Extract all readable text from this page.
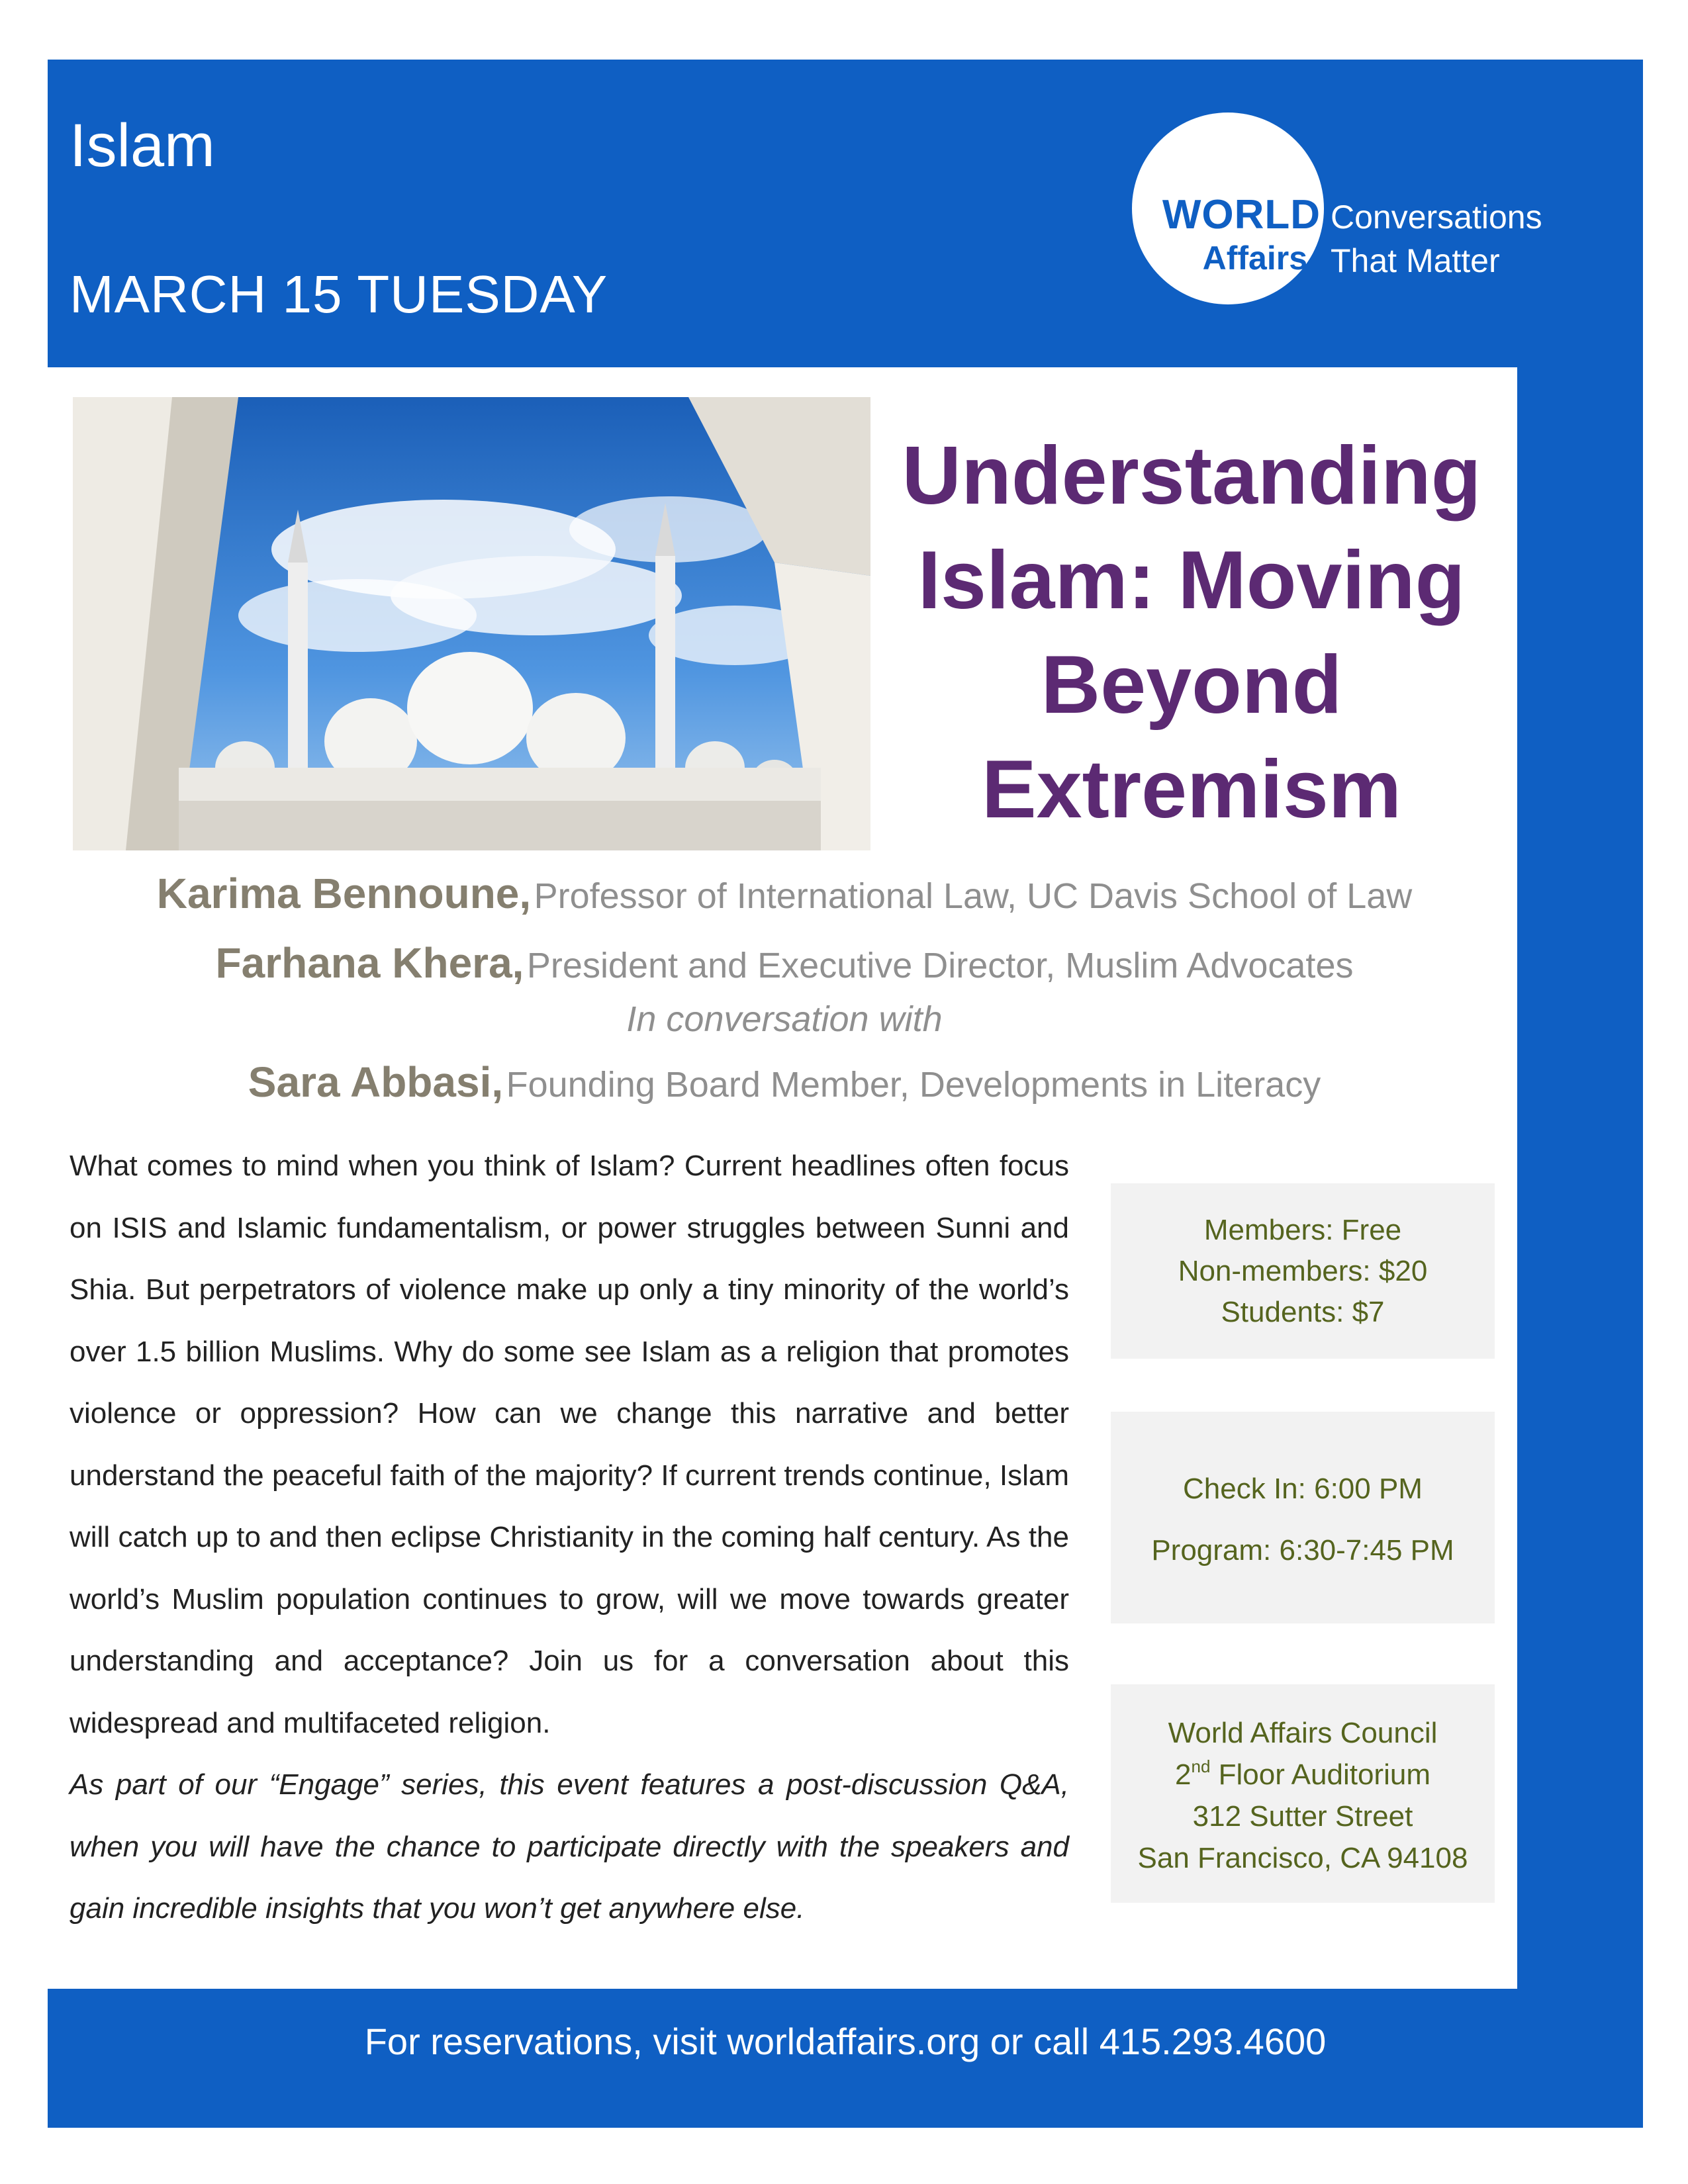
Islam
MARCH 15 TUESDAY
WORLD
Affairs
Conversations
That Matter
Understanding
Islam: Moving
Beyond
Extremism
Karima Bennoune, Professor of International Law, UC Davis School of Law
Farhana Khera, President and Executive Director, Muslim Advocates
In conversation with
Sara Abbasi, Founding Board Member, Developments in Literacy

What comes to mind when you think of Islam? Current headlines often focus on ISIS and Islamic fundamentalism, or power struggles between Sunni and Shia. But perpetrators of violence make up only a tiny minority of the world’s over 1.5 billion Muslims. Why do some see Islam as a religion that promotes violence or oppression? How can we change this narrative and better understand the peaceful faith of the majority? If current trends continue, Islam will catch up to and then eclipse Christianity in the coming half century. As the world’s Muslim population continues to grow, will we move towards greater understanding and acceptance? Join us for a conversation about this widespread and multifaceted religion.

As part of our “Engage” series, this event features a post-discussion Q&A, when you will have the chance to participate directly with the speakers and gain incredible insights that you won’t get anywhere else.

Members: Free
Non-members: $20
Students: $7
Check In: 6:00 PM
Program: 6:30-7:45 PM
World Affairs Council
2nd Floor Auditorium
312 Sutter Street
San Francisco, CA 94108
For reservations, visit worldaffairs.org or call 415.293.4600
